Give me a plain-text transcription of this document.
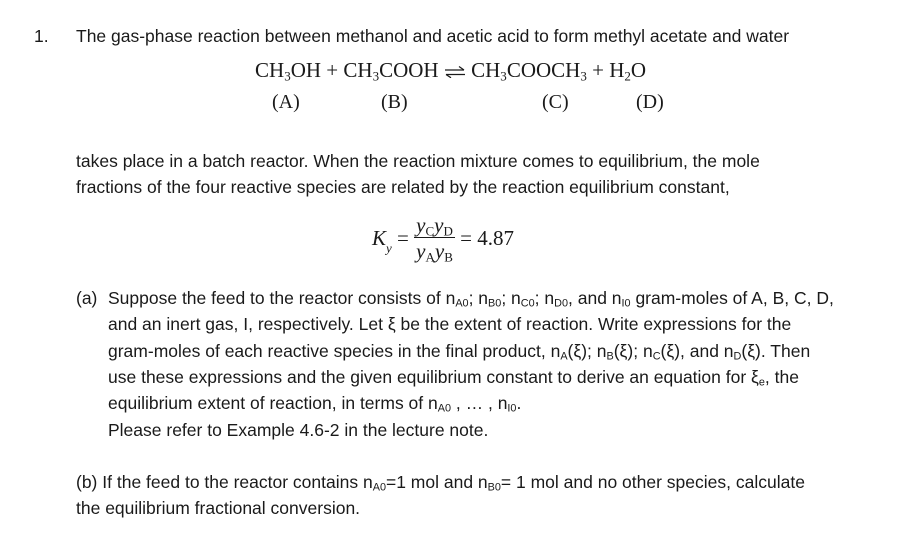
1. The gas-phase reaction between methanol and acetic acid to form methyl acetate and water
$CH_3OH$ + $CH_3COOH$ ⇌ $CH_3COOCH_3 + H_2O$
(A)	(B)	(C)	(D)
takes place in a batch reactor. When the reaction mixture comes to equilibrium, the mole
fractions of the four reactive species are related by the reaction equilibrium constant,
$K_y = \frac{y_Cy_D}{y_Ay_B} = 4.87$
(a) Suppose the feed to the reactor consists of $n_{A0}$; $n_{B0}$; $n_{C0}$; $n_{D0}$, and $n_{I0}$ gram-moles of A, B, C, D,
and an inert gas, I, respectively. Let ξ be the extent of reaction. Write expressions for the
gram-moles of each reactive species in the final product, $n_A(\xi)$; $n_B(\xi)$; $n_C(\xi)$, and $n_D(\xi)$. Then
use these expressions and the given equilibrium constant to derive an equation for $\xi_e$, the
equilibrium extent of reaction, in terms of $n_{A0}$ , … , $n_{I0}$.
Please refer to Example 4.6-2 in the lecture note.
(b) If the feed to the reactor contains $n_{A0}=1$ mol and $n_{B0}= 1$ mol and no other species, calculate
the equilibrium fractional conversion.
